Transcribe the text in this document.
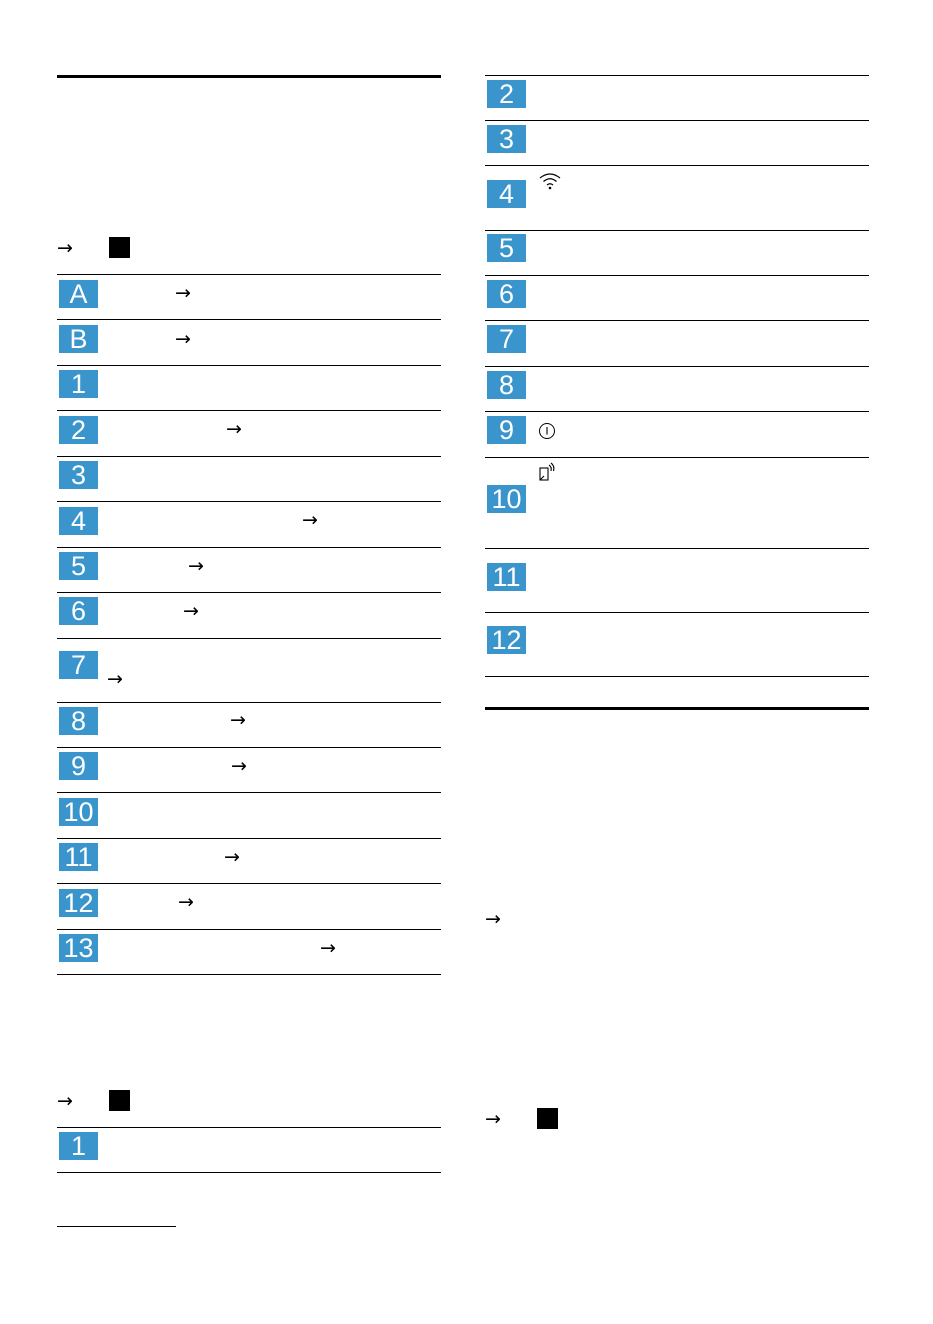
→
A	→
B	→
1
2	→
3
4	→
5	→
6	→
7	→
8	→
9	→
10
11	→
12	→
13	→
→
1
2
3
4
5
6
7
8
9
10
11
12
→
→
